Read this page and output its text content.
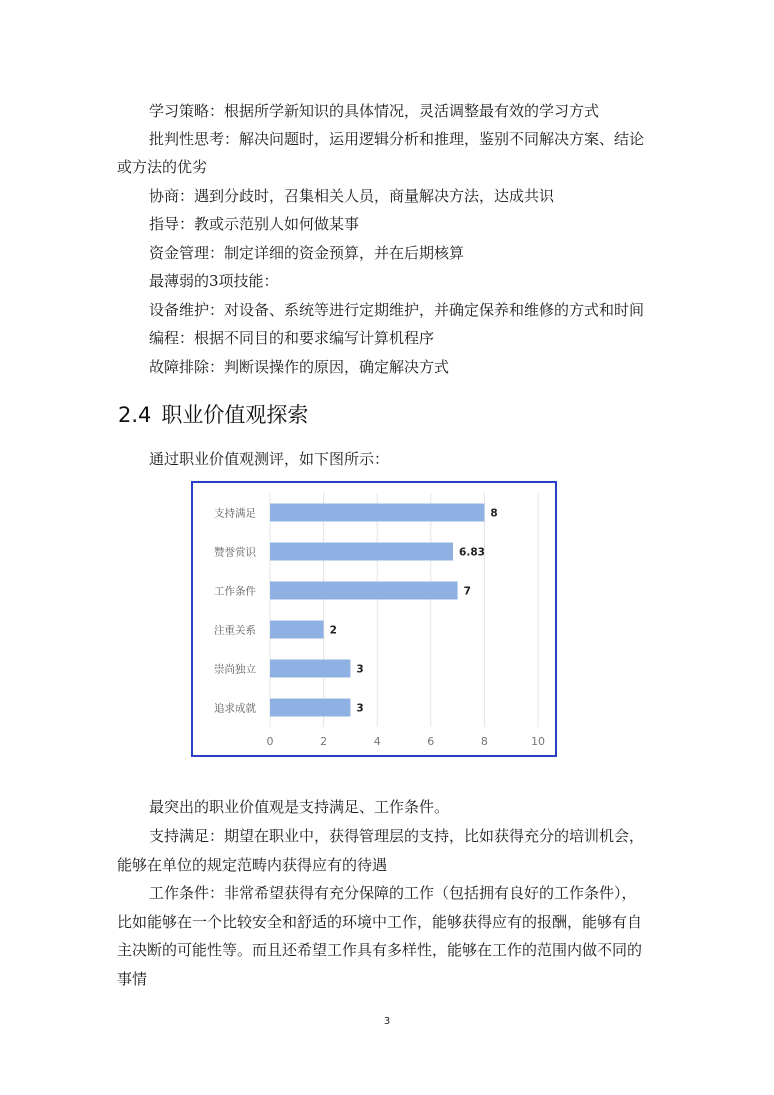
学习策略：根据所学新知识的具体情况，灵活调整最有效的学习方式
批判性思考：解决问题时，运用逻辑分析和推理，鉴别不同解决方案、结论
或方法的优劣
协商：遇到分歧时，召集相关人员，商量解决方法，达成共识
指导：教或示范别人如何做某事
资金管理：制定详细的资金预算，并在后期核算
最薄弱的3项技能：
设备维护：对设备、系统等进行定期维护，并确定保养和维修的方式和时间
编程：根据不同目的和要求编写计算机程序
故障排除：判断误操作的原因，确定解决方式
2.4 职业价值观探索
通过职业价值观测评，如下图所示：
0	2	4	6	8	10
支持满足	8
赞誉赏识	6.83
工作条件	7
注重关系	2
崇尚独立	3
追求成就	3
最突出的职业价值观是支持满足、工作条件。
支持满足：期望在职业中，获得管理层的支持，比如获得充分的培训机会，
能够在单位的规定范畴内获得应有的待遇
工作条件：非常希望获得有充分保障的工作（包括拥有良好的工作条件），
比如能够在一个比较安全和舒适的环境中工作，能够获得应有的报酬，能够有自
主决断的可能性等。而且还希望工作具有多样性，能够在工作的范围内做不同的
事情
3
